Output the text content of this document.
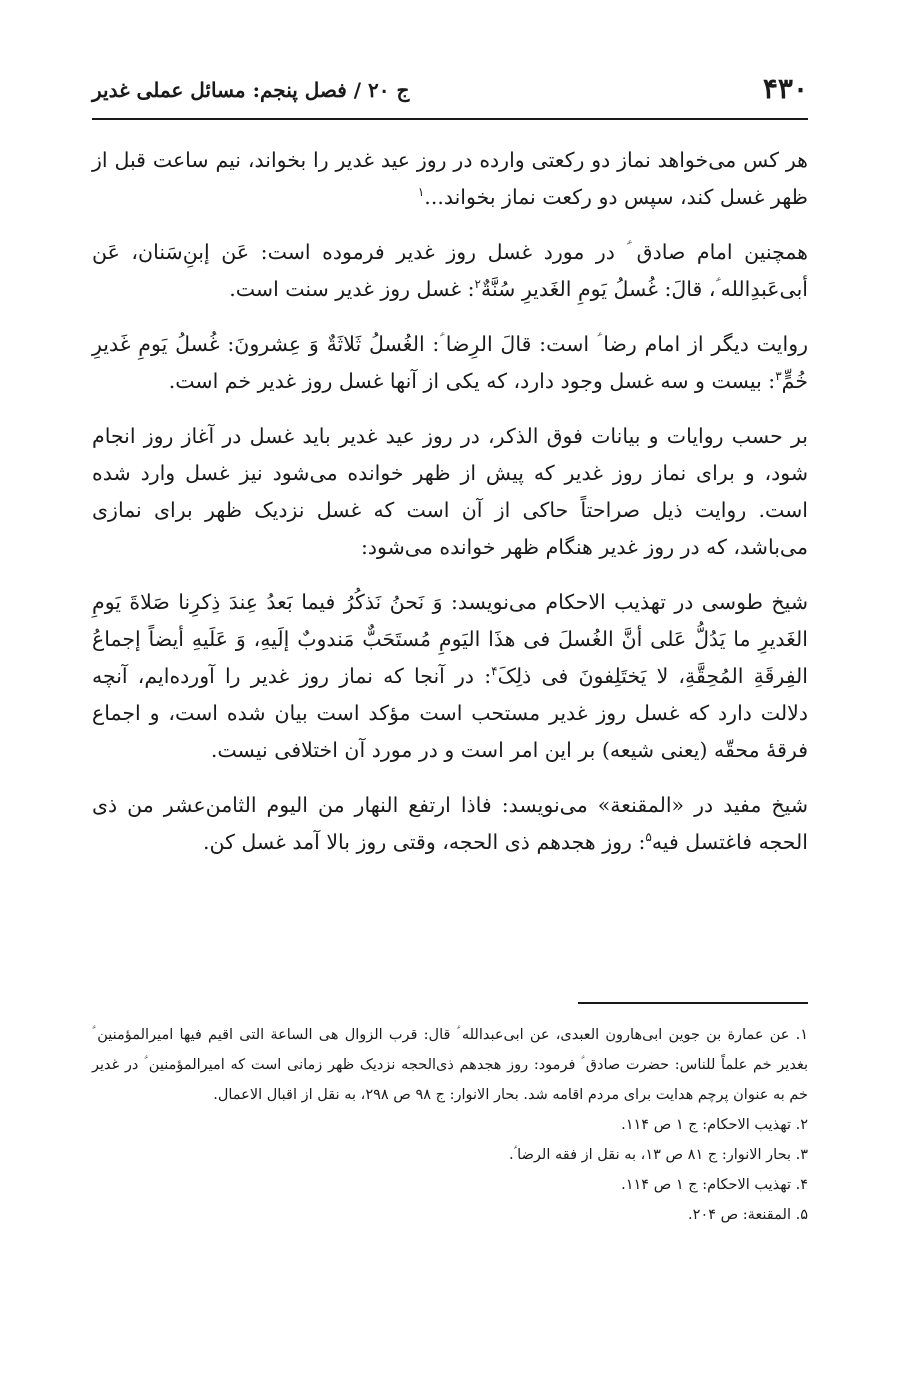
۴۳۰
ج ۲۰ / فصل پنجم: مسائل عملی غدیر

هر کس می‌خواهد نماز دو رکعتی وارده در روز عید غدیر را بخواند، نیم ساعت قبل از ظهر غسل کند، سپس دو رکعت نماز بخواند...$^۱$

همچنین امام صادق ؑ در مورد غسل روز غدیر فرموده است: عَن إبنِ‌سَنان، عَن أبی‌عَبدِالله ؑ، قالَ: غُسلُ یَومِ الغَدیرِ سُنَّةٌ$^۲$: غسل روز غدیر سنت است.

روایت دیگر از امام رضا ؑ است: قالَ الرِضا ؑ: الغُسلُ ثَلاثَةٌ وَ عِشرونَ: غُسلُ یَومِ غَدیرِ خُمٍّ$^۳$: بیست و سه غسل وجود دارد، که یکی از آنها غسل روز غدیر خم است.

بر حسب روایات و بیانات فوق الذکر، در روز عید غدیر باید غسل در آغاز روز انجام شود، و برای نماز روز غدیر که پیش از ظهر خوانده می‌شود نیز غسل وارد شده است. روایت ذیل صراحتاً حاکی از آن است که غسل نزدیک ظهر برای نمازی می‌باشد، که در روز غدیر هنگام ظهر خوانده می‌شود:

شیخ طوسی در تهذیب الاحکام می‌نویسد: وَ نَحنُ نَذکُرُ فیما بَعدُ عِندَ ذِکرِنا صَلاةَ یَومِ الغَدیرِ ما یَدُلُّ عَلی أنَّ الغُسلَ فی هذَا الیَومِ مُستَحَبٌّ مَندوبٌ إلَیهِ، وَ عَلَیهِ أیضاً إجماعُ الفِرقَةِ المُحِقَّةِ، لا یَختَلِفونَ فی ذلِکَ$^۴$: در آنجا که نماز روز غدیر را آورده‌ایم، آنچه دلالت دارد که غسل روز غدیر مستحب است مؤکد است بیان شده است، و اجماع فرقۀ محقّه (یعنی شیعه) بر این امر است و در مورد آن اختلافی نیست.

شیخ مفید در «المقنعة» می‌نویسد: فاذا ارتفع النهار من الیوم الثامن‌عشر من ذی الحجه فاغتسل فیه$^۵$: روز هجدهم ذی الحجه، وقتی روز بالا آمد غسل کن.

۱. عن عمارة بن جوین ابی‌هارون العبدی، عن ابی‌عبدالله ؑ قال: قرب الزوال هی الساعة التی اقیم فیها امیرالمؤمنین ؑ بغدیر خم علماً للناس: حضرت صادق ؑ فرمود: روز هجدهم ذی‌الحجه نزدیک ظهر زمانی است که امیرالمؤمنین ؑ در غدیر خم به عنوان پرچم هدایت برای مردم اقامه شد. بحار الانوار: ج ۹۸ ص ۲۹۸، به نقل از اقبال الاعمال.

۲. تهذیب الاحکام: ج ۱ ص ۱۱۴.

۳. بحار الانوار: ج ۸۱ ص ۱۳، به نقل از فقه الرضا ؑ.

۴. تهذیب الاحکام: ج ۱ ص ۱۱۴.

۵. المقنعة: ص ۲۰۴.
